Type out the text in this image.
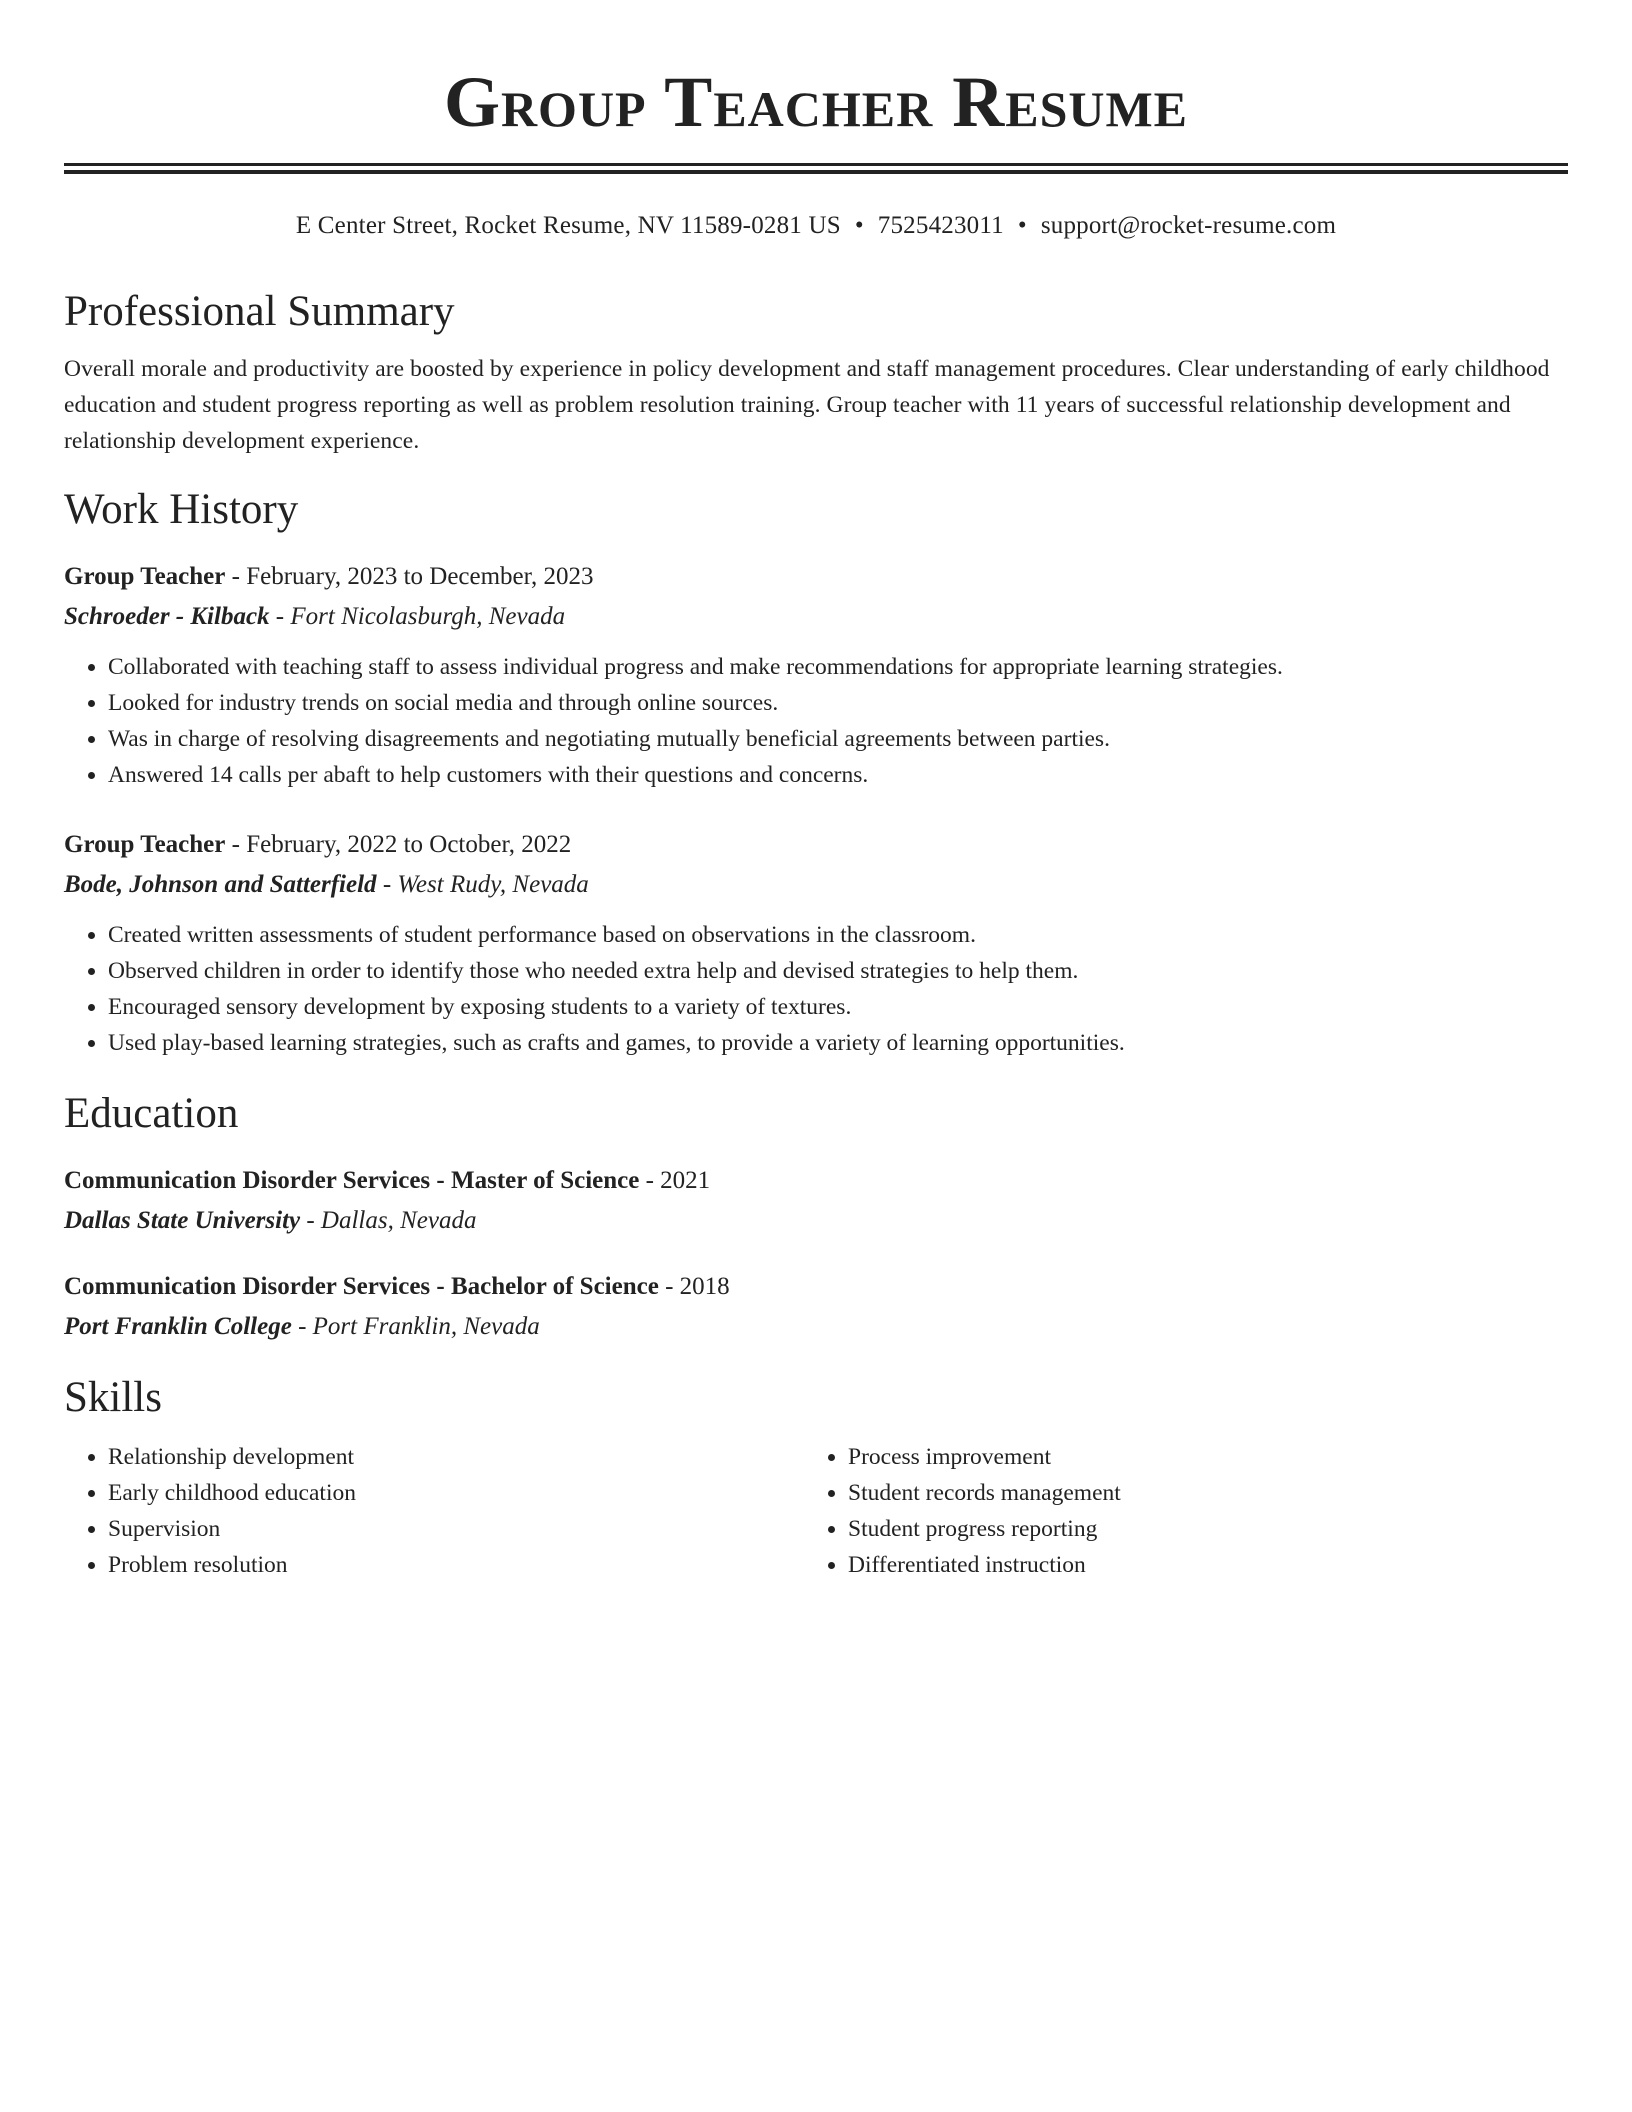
Group Teacher Resume
E Center Street, Rocket Resume, NV 11589-0281 US • 7525423011 • support@rocket-resume.com
Professional Summary

Overall morale and productivity are boosted by experience in policy development and staff management procedures. Clear understanding of early childhood education and student progress reporting as well as problem resolution training. Group teacher with 11 years of successful relationship development and relationship development experience.

Work History
Group Teacher - February, 2023 to December, 2023
Schroeder - Kilback - Fort Nicolasburgh, Nevada
• Collaborated with teaching staff to assess individual progress and make recommendations for appropriate learning strategies.
• Looked for industry trends on social media and through online sources.
• Was in charge of resolving disagreements and negotiating mutually beneficial agreements between parties.
• Answered 14 calls per abaft to help customers with their questions and concerns.
Group Teacher - February, 2022 to October, 2022
Bode, Johnson and Satterfield - West Rudy, Nevada
• Created written assessments of student performance based on observations in the classroom.
• Observed children in order to identify those who needed extra help and devised strategies to help them.
• Encouraged sensory development by exposing students to a variety of textures.
• Used play-based learning strategies, such as crafts and games, to provide a variety of learning opportunities.
Education
Communication Disorder Services - Master of Science - 2021
Dallas State University - Dallas, Nevada
Communication Disorder Services - Bachelor of Science - 2018
Port Franklin College - Port Franklin, Nevada
Skills
• Relationship development
• Early childhood education
• Supervision
• Problem resolution
• Process improvement
• Student records management
• Student progress reporting
• Differentiated instruction
